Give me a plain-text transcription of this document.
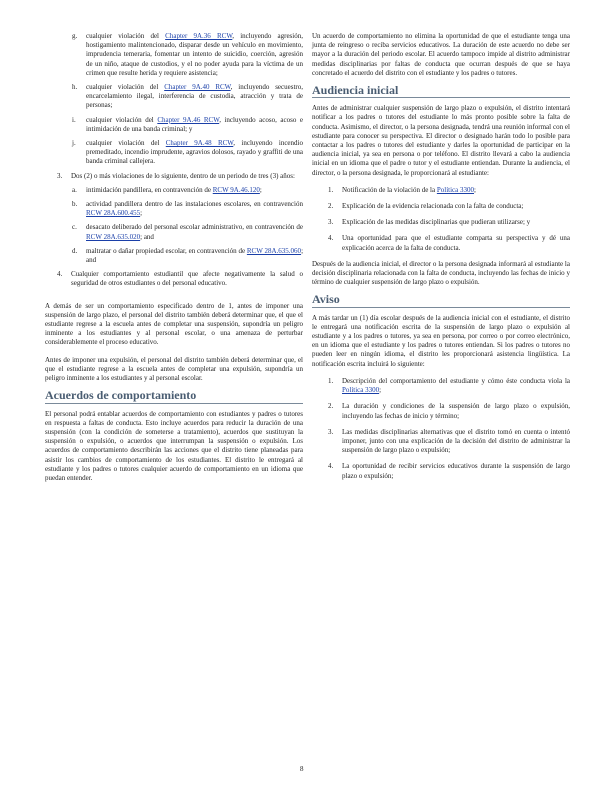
g.	cualquier violación del Chapter 9A.36 RCW, incluyendo agresión, hostigamiento malintencionado, disparar desde un vehículo en movimiento, imprudencia temeraria, fomentar un intento de suicidio, coerción, agresión de un niño, ataque de custodios, y el no poder ayuda para la víctima de un crimen que resulte herida y requiere asistencia;
h.	cualquier violación del Chapter 9A.40 RCW, incluyendo secuestro, encarcelamiento ilegal, interferencia de custodia, atracción y trata de personas;
i.	cualquier violación del Chapter 9A.46 RCW, incluyendo acoso, acoso e intimidación de una banda criminal; y
j.	cualquier violación del Chapter 9A.48 RCW, incluyendo incendio premeditado, incendio imprudente, agravios dolosos, rayado y graffiti de una banda criminal callejera.
3.	Dos (2) o más violaciones de lo siguiente, dentro de un periodo de tres (3) años:
a.	intimidación pandillera, en contravención de RCW 9A.46.120;
b.	actividad pandillera dentro de las instalaciones escolares, en contravención RCW 28A.600.455;
c.	desacato deliberado del personal escolar administrativo, en contravención de RCW 28A.635.020; and
d.	maltratar o dañar propiedad escolar, en contravención de RCW 28A.635.060; and
4.	Cualquier comportamiento estudiantil que afecte negativamente la salud o seguridad de otros estudiantes o del personal educativo.

A demás de ser un comportamiento especificado dentro de 1, antes de imponer una suspensión de largo plazo, el personal del distrito también deberá determinar que, el que el estudiante regrese a la escuela antes de completar una suspensión, supondría un peligro inminente a los estudiantes y al personal escolar, o una amenaza de perturbar considerablemente el proceso educativo.

Antes de imponer una expulsión, el personal del distrito también deberá determinar que, el que el estudiante regrese a la escuela antes de completar una expulsión, supondría un peligro inminente a los estudiantes y al personal escolar.

Acuerdos de comportamiento

El personal podrá entablar acuerdos de comportamiento con estudiantes y padres o tutores en respuesta a faltas de conducta. Esto incluye acuerdos para reducir la duración de una suspensión (con la condición de someterse a tratamiento), acuerdos que sustituyan la suspensión o expulsión, o acuerdos que interrumpan la suspensión o expulsión. Los acuerdos de comportamiento describirán las acciones que el distrito tiene planeadas para asistir los cambios de comportamiento de los estudiantes. El distrito le entregará al estudiante y los padres o tutores cualquier acuerdo de comportamiento en un idioma que puedan entender.

Un acuerdo de comportamiento no elimina la oportunidad de que el estudiante tenga una junta de reingreso o reciba servicios educativos. La duración de este acuerdo no debe ser mayor a la duración del periodo escolar. El acuerdo tampoco impide al distrito administrar medidas disciplinarias por faltas de conducta que ocurran después de que se haya concretado el acuerdo del distrito con el estudiante y los padres o tutores.

Audiencia inicial

Antes de administrar cualquier suspensión de largo plazo o expulsión, el distrito intentará notificar a los padres o tutores del estudiante lo más pronto posible sobre la falta de conducta. Asimismo, el director, o la persona designada, tendrá una reunión informal con el estudiante para conocer su perspectiva. El director o designado harán todo lo posible para contactar a los padres o tutores del estudiante y darles la oportunidad de participar en la audiencia inicial, ya sea en persona o por teléfono. El distrito llevará a cabo la audiencia inicial en un idioma que el padre o tutor y el estudiante entiendan. Durante la audiencia, el director, o la persona designada, le proporcionará al estudiante:

1.	Notificación de la violación de la Política 3300;
2.	Explicación de la evidencia relacionada con la falta de conducta;
3.	Explicación de las medidas disciplinarias que pudieran utilizarse; y
4.	Una oportunidad para que el estudiante comparta su perspectiva y dé una explicación acerca de la falta de conducta.

Después de la audiencia inicial, el director o la persona designada informará al estudiante la decisión disciplinaria relacionada con la falta de conducta, incluyendo las fechas de inicio y término de cualquier suspensión de largo plazo o expulsión.

Aviso

A más tardar un (1) día escolar después de la audiencia inicial con el estudiante, el distrito le entregará una notificación escrita de la suspensión de largo plazo o expulsión al estudiante y a los padres o tutores, ya sea en persona, por correo o por correo electrónico, en un idioma que el estudiante y los padres o tutores entiendan. Si los padres o tutores no pueden leer en ningún idioma, el distrito les proporcionará asistencia lingüística. La notificación escrita incluirá lo siguiente:

1.	Descripción del comportamiento del estudiante y cómo éste conducta viola la Política 3300;
2.	La duración y condiciones de la suspensión de largo plazo o expulsión, incluyendo las fechas de inicio y término;
3.	Las medidas disciplinarias alternativas que el distrito tomó en cuenta o intentó imponer, junto con una explicación de la decisión del distrito de administrar la suspensión de largo plazo o expulsión;
4.	La oportunidad de recibir servicios educativos durante la suspensión de largo plazo o expulsión;
8
